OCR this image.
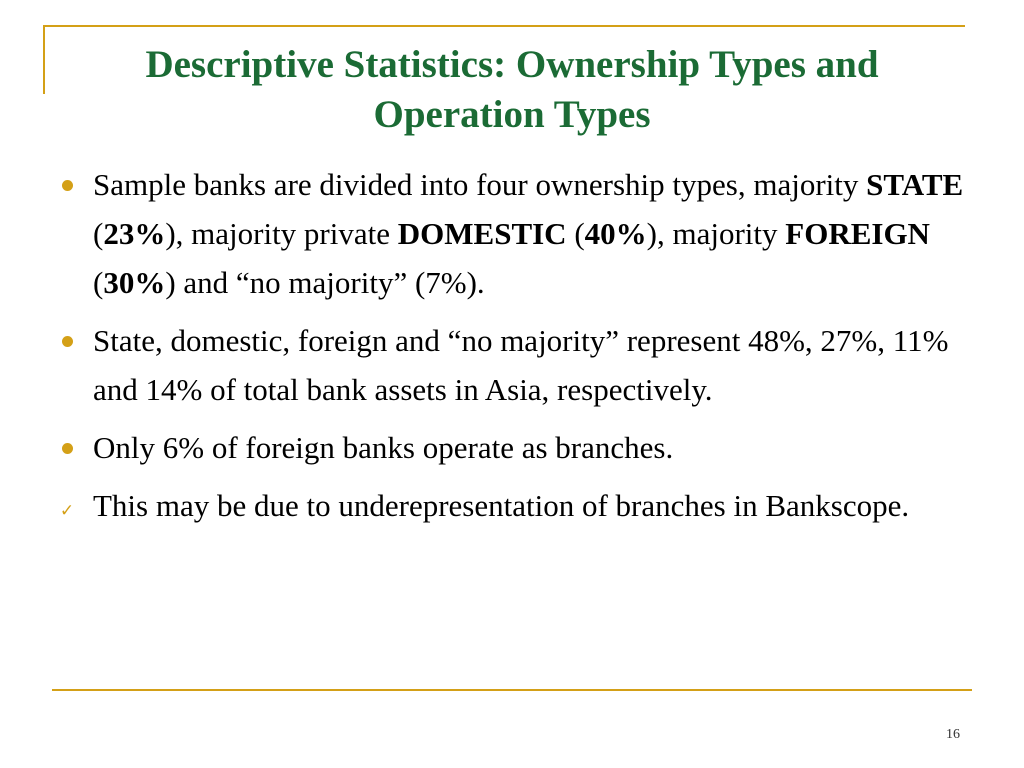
Descriptive Statistics: Ownership Types and Operation Types
Sample banks are divided into four ownership types, majority STATE (23%), majority private DOMESTIC (40%), majority FOREIGN (30%) and “no majority” (7%).
State, domestic, foreign and “no majority” represent 48%, 27%, 11% and 14% of total bank assets in Asia, respectively.
Only 6% of foreign banks operate as branches.
✓ This may be due to underepresentation of branches in Bankscope.
16
